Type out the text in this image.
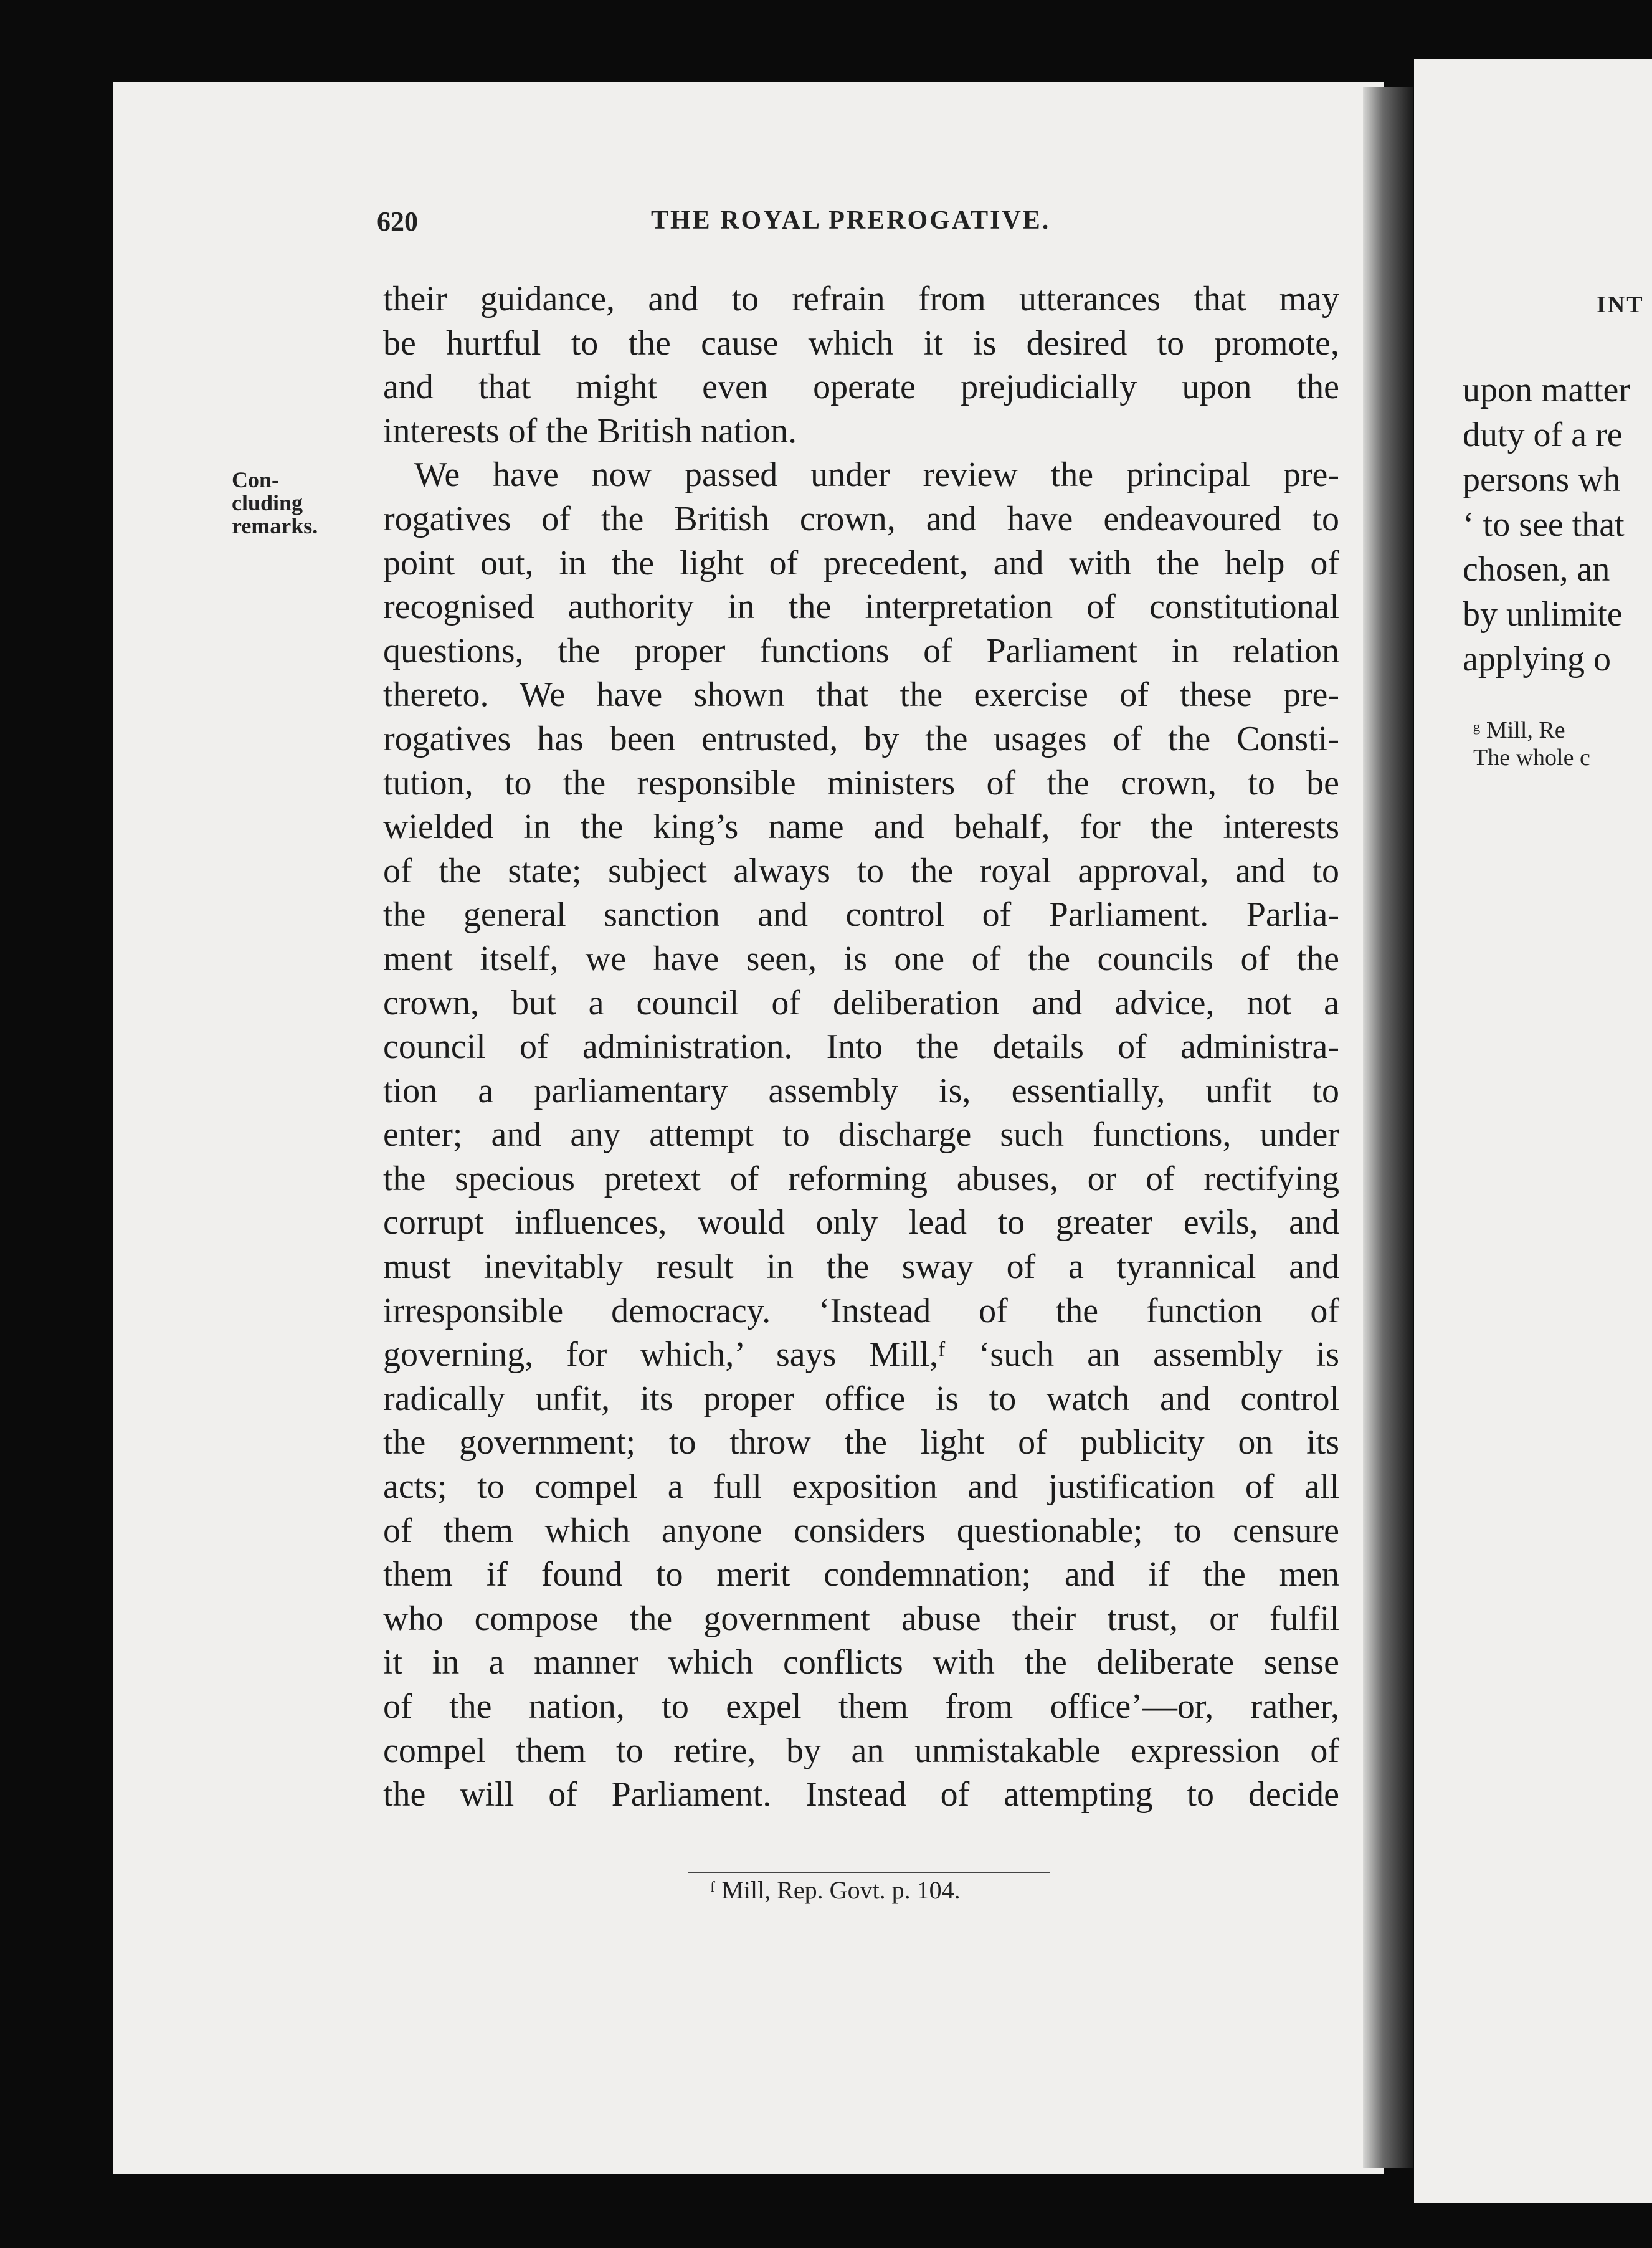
620	THE ROYAL PREROGATIVE.
Con-
cluding
remarks.
their guidance, and to refrain from utterances that may
be hurtful to the cause which it is desired to promote,
and that might even operate prejudicially upon the
interests of the British nation.
We have now passed under review the principal pre-
rogatives of the British crown, and have endeavoured to
point out, in the light of precedent, and with the help of
recognised authority in the interpretation of constitutional
questions, the proper functions of Parliament in relation
thereto. We have shown that the exercise of these pre-
rogatives has been entrusted, by the usages of the Consti-
tution, to the responsible ministers of the crown, to be
wielded in the king’s name and behalf, for the interests
of the state; subject always to the royal approval, and to
the general sanction and control of Parliament. Parlia-
ment itself, we have seen, is one of the councils of the
crown, but a council of deliberation and advice, not a
council of administration. Into the details of administra-
tion a parliamentary assembly is, essentially, unfit to
enter; and any attempt to discharge such functions, under
the specious pretext of reforming abuses, or of rectifying
corrupt influences, would only lead to greater evils, and
must inevitably result in the sway of a tyrannical and
irresponsible democracy. ‘Instead of the function of
governing, for which,’ says Mill,ᶠ ‘such an assembly is
radically unfit, its proper office is to watch and control
the government; to throw the light of publicity on its
acts; to compel a full exposition and justification of all
of them which anyone considers questionable; to censure
them if found to merit condemnation; and if the men
who compose the government abuse their trust, or fulfil
it in a manner which conflicts with the deliberate sense
of the nation, to expel them from office’—or, rather,
compel them to retire, by an unmistakable expression of
the will of Parliament. Instead of attempting to decide
ᶠ Mill, Rep. Govt. p. 104.
INT
upon matter
duty of a re
persons wh
‘ to see that
chosen, an
by unlimite
applying o
ᵍ Mill, Re
The whole c
